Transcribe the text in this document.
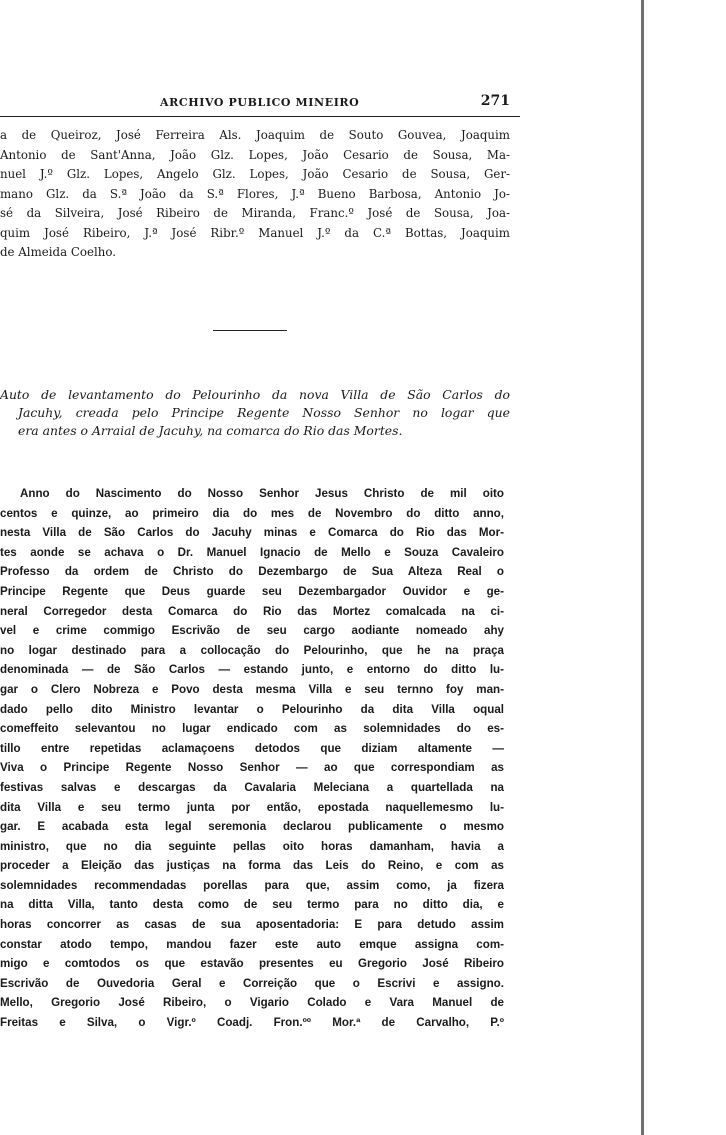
ARCHIVO PUBLICO MINEIRO	271
a de Queiroz, José Ferreira Als. Joaquim de Souto Gouvea, Joaquim
Antonio de Sant'Anna, João Glz. Lopes, João Cesario de Sousa, Ma-
nuel J.º Glz. Lopes, Angelo Glz. Lopes, João Cesario de Sousa, Ger-
mano Glz. da S.ª João da S.ª Flores, J.ª Bueno Barbosa, Antonio Jo-
sé da Silveira, José Ribeiro de Miranda, Franc.º José de Sousa, Joa-
quim José Ribeiro, J.ª José Ribr.º Manuel J.º da C.ª Bottas, Joaquim
de Almeida Coelho.
Auto de levantamento do Pelourinho da nova Villa de São Carlos do
Jacuhy, creada pelo Principe Regente Nosso Senhor no logar que
era antes o Arraial de Jacuhy, na comarca do Rio das Mortes.
Anno do Nascimento do Nosso Senhor Jesus Christo de mil oito
centos e quinze, ao primeiro dia do mes de Novembro do ditto anno,
nesta Villa de São Carlos do Jacuhy minas e Comarca do Rio das Mor-
tes aonde se achava o Dr. Manuel Ignacio de Mello e Souza Cavaleiro
Professo da ordem de Christo do Dezembargo de Sua Alteza Real o
Principe Regente que Deus guarde seu Dezembargador Ouvidor e ge-
neral Corregedor desta Comarca do Rio das Mortez comalcada na ci-
vel e crime commigo Escrivão de seu cargo aodiante nomeado ahy
no logar destinado para a collocação do Pelourinho, que he na praça
denominada — de São Carlos — estando junto, e entorno do ditto lu-
gar o Clero Nobreza e Povo desta mesma Villa e seu ternno foy man-
dado pello dito Ministro levantar o Pelourinho da dita Villa oqual
comeffeito selevantou no lugar endicado com as solemnidades do es-
tillo entre repetidas aclamaçoens detodos que diziam altamente —
Viva o Principe Regente Nosso Senhor — ao que correspondiam as
festivas salvas e descargas da Cavalaria Meleciana a quartellada na
dita Villa e seu termo junta por então, epostada naquellemesmo lu-
gar. E acabada esta legal seremonia declarou publicamente o mesmo
ministro, que no dia seguinte pellas oito horas damanham, havia a
proceder a Eleição das justiças na forma das Leis do Reino, e com as
solemnidades recommendadas porellas para que, assim como, ja fizera
na ditta Villa, tanto desta como de seu termo para no ditto dia, e
horas concorrer as casas de sua aposentadoria: E para detudo assim
constar atodo tempo, mandou fazer este auto emque assigna com-
migo e comtodos os que estavão presentes eu Gregorio José Ribeiro
Escrivão de Ouvedoria Geral e Correição que o Escrivi e assigno.
Mello, Gregorio José Ribeiro, o Vigario Colado e Vara Manuel de
Freitas e Silva, o Vigr.º Coadj. Fron.ºº Mor.ª de Carvalho, P.º
